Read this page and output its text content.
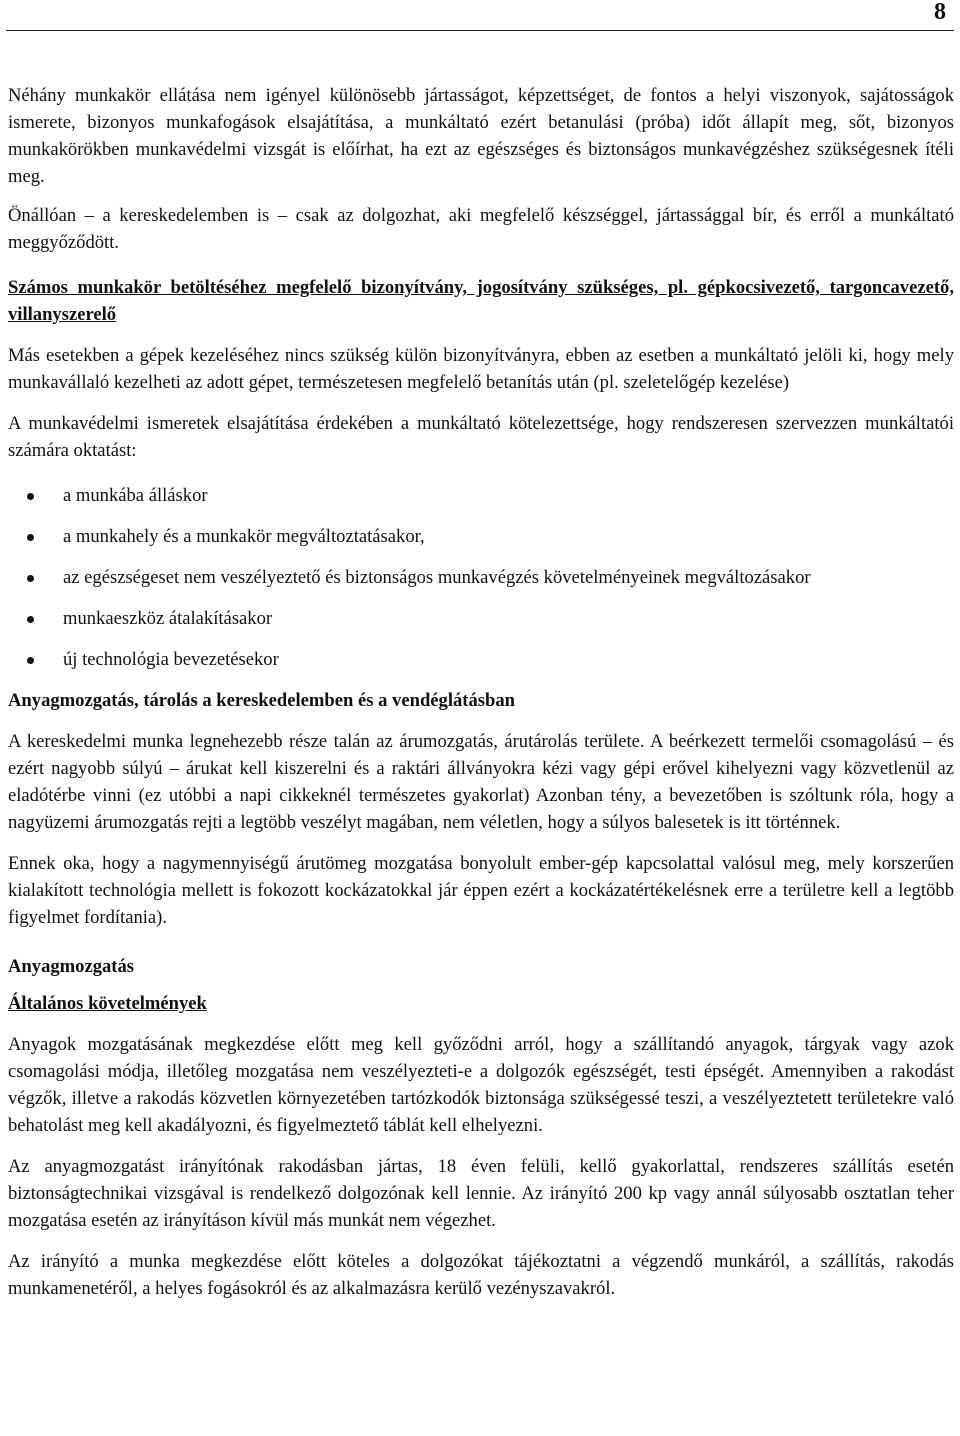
8

Néhány munkakör ellátása nem igényel különösebb jártasságot, képzettséget, de fontos a helyi viszonyok, sajátosságok ismerete, bizonyos munkafogások elsajátítása, a munkáltató ezért betanulási (próba) időt állapít meg, sőt, bizonyos munkakörökben munkavédelmi vizsgát is előírhat, ha ezt az egészséges és biztonságos munkavégzéshez szükségesnek ítéli meg.

Önállóan – a kereskedelemben is – csak az dolgozhat, aki megfelelő készséggel, jártassággal bír, és erről a munkáltató meggyőződött.

Számos munkakör betöltéséhez megfelelő bizonyítvány, jogosítvány szükséges, pl. gépkocsivezető, targoncavezető, villanyszerelő

Más esetekben a gépek kezeléséhez nincs szükség külön bizonyítványra, ebben az esetben a munkáltató jelöli ki, hogy mely munkavállaló kezelheti az adott gépet, természetesen megfelelő betanítás után (pl. szeletelőgép kezelése)

A munkavédelmi ismeretek elsajátítása érdekében a munkáltató kötelezettsége, hogy rendszeresen szervezzen munkáltatói számára oktatást:

a munkába álláskor
a munkahely és a munkakör megváltoztatásakor,
az egészségeset nem veszélyeztető és biztonságos munkavégzés követelményeinek megváltozásakor
munkaeszköz átalakításakor
új technológia bevezetésekor
Anyagmozgatás, tárolás a kereskedelemben és a vendéglátásban

A kereskedelmi munka legnehezebb része talán az árumozgatás, árutárolás területe. A beérkezett termelői csomagolású – és ezért nagyobb súlyú – árukat kell kiszerelni és a raktári állványokra kézi vagy gépi erővel kihelyezni vagy közvetlenül az eladótérbe vinni (ez utóbbi a napi cikkeknél természetes gyakorlat) Azonban tény, a bevezetőben is szóltunk róla, hogy a nagyüzemi árumozgatás rejti a legtöbb veszélyt magában, nem véletlen, hogy a súlyos balesetek is itt történnek.

Ennek oka, hogy a nagymennyiségű árutömeg mozgatása bonyolult ember-gép kapcsolattal valósul meg, mely korszerűen kialakított technológia mellett is fokozott kockázatokkal jár éppen ezért a kockázatértékelésnek erre a területre kell a legtöbb figyelmet fordítania).

Anyagmozgatás
Általános követelmények

Anyagok mozgatásának megkezdése előtt meg kell győződni arról, hogy a szállítandó anyagok, tárgyak vagy azok csomagolási módja, illetőleg mozgatása nem veszélyezteti-e a dolgozók egészségét, testi épségét. Amennyiben a rakodást végzők, illetve a rakodás közvetlen környezetében tartózkodók biztonsága szükségessé teszi, a veszélyeztetett területekre való behatolást meg kell akadályozni, és figyelmeztető táblát kell elhelyezni.

Az anyagmozgatást irányítónak rakodásban jártas, 18 éven felüli, kellő gyakorlattal, rendszeres szállítás esetén biztonságtechnikai vizsgával is rendelkező dolgozónak kell lennie. Az irányító 200 kp vagy annál súlyosabb osztatlan teher mozgatása esetén az irányításon kívül más munkát nem végezhet.

Az irányító a munka megkezdése előtt köteles a dolgozókat tájékoztatni a végzendő munkáról, a szállítás, rakodás munkamenetéről, a helyes fogásokról és az alkalmazásra kerülő vezényszavakról.
